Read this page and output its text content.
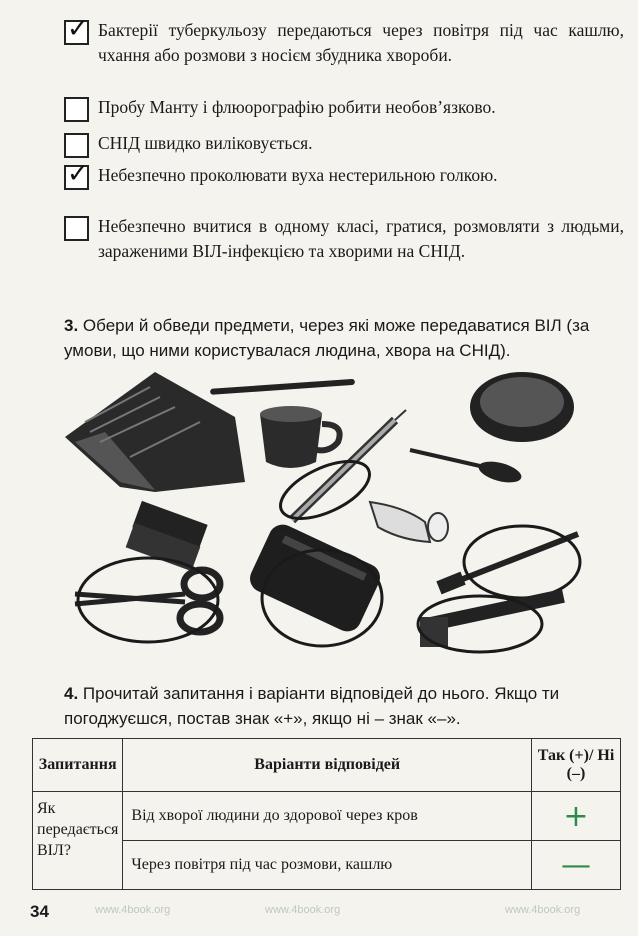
✓ Бактерії туберкульозу передаються через повітря під час кашлю, чхання або розмови з носієм збудника хвороби.
Пробу Манту і флюорографію робити необов’язково.
СНІД швидко виліковується.
✓ Небезпечно проколювати вуха нестерильною голкою.
Небезпечно вчитися в одному класі, гратися, розмовляти з людьми, зараженими ВІЛ-інфекцією та хворими на СНІД.
3. Обери й обведи предмети, через які може передаватися ВІЛ (за умови, що ними користувалася людина, хвора на СНІД).
4. Прочитай запитання і варіанти відповідей до нього. Якщо ти погоджуєшся, постав знак «+», якщо ні – знак «–».
Запитання	Варіанти відповідей	Так (+)/ Ні (–)
Як передається ВІЛ?	Від хворої людини до здорової через кров	+
	Через повітря під час розмови, кашлю	—
www.4book.org	www.4book.org	www.4book.org
34
